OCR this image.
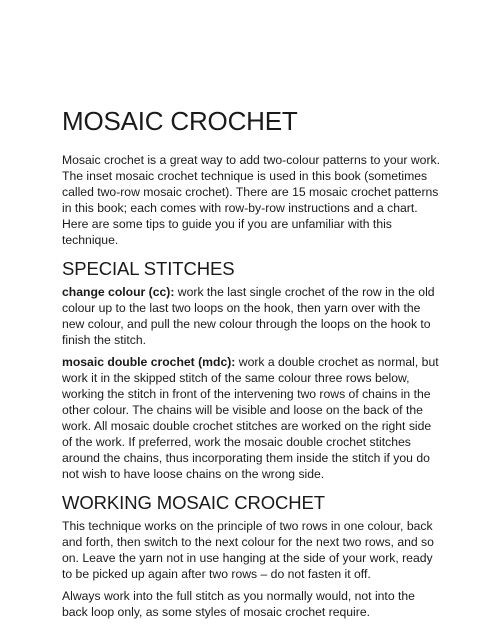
MOSAIC CROCHET

Mosaic crochet is a great way to add two-colour patterns to your work. The inset mosaic crochet technique is used in this book (sometimes called two-row mosaic crochet). There are 15 mosaic crochet patterns in this book; each comes with row-by-row instructions and a chart. Here are some tips to guide you if you are unfamiliar with this technique.

SPECIAL STITCHES

change colour (cc): work the last single crochet of the row in the old colour up to the last two loops on the hook, then yarn over with the new colour, and pull the new colour through the loops on the hook to finish the stitch.

mosaic double crochet (mdc): work a double crochet as normal, but work it in the skipped stitch of the same colour three rows below, working the stitch in front of the intervening two rows of chains in the other colour. The chains will be visible and loose on the back of the work. All mosaic double crochet stitches are worked on the right side of the work. If preferred, work the mosaic double crochet stitches around the chains, thus incorporating them inside the stitch if you do not wish to have loose chains on the wrong side.

WORKING MOSAIC CROCHET

This technique works on the principle of two rows in one colour, back and forth, then switch to the next colour for the next two rows, and so on. Leave the yarn not in use hanging at the side of your work, ready to be picked up again after two rows – do not fasten it off.

Always work into the full stitch as you normally would, not into the back loop only, as some styles of mosaic crochet require.
